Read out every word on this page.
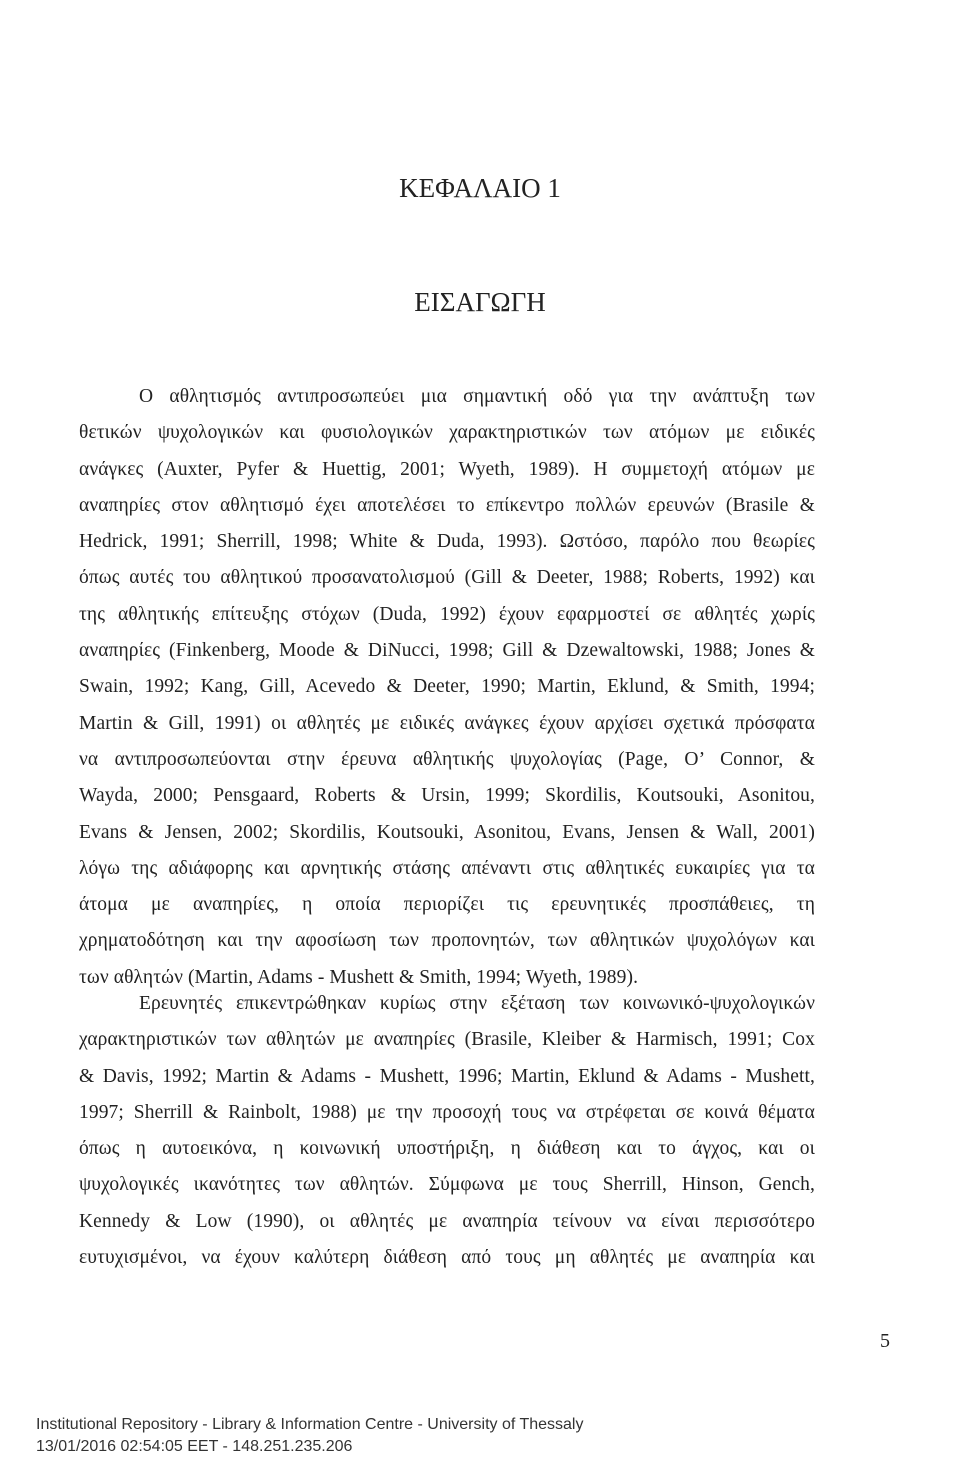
ΚΕΦΑΛΑΙΟ 1
ΕΙΣΑΓΩΓΗ
Ο αθλητισμός αντιπροσωπεύει μια σημαντική οδό για την ανάπτυξη των
θετικών ψυχολογικών και φυσιολογικών χαρακτηριστικών των ατόμων με ειδικές
ανάγκες (Auxter, Pyfer & Huettig, 2001; Wyeth, 1989). Η συμμετοχή ατόμων με
αναπηρίες στον αθλητισμό έχει αποτελέσει το επίκεντρο πολλών ερευνών (Brasile &
Hedrick, 1991; Sherrill, 1998; White & Duda, 1993). Ωστόσο, παρόλο που θεωρίες
όπως αυτές του αθλητικού προσανατολισμού (Gill & Deeter, 1988; Roberts, 1992) και
της αθλητικής επίτευξης στόχων (Duda, 1992) έχουν εφαρμοστεί σε αθλητές χωρίς
αναπηρίες (Finkenberg, Moode & DiNucci, 1998; Gill & Dzewaltowski, 1988; Jones &
Swain, 1992; Kang, Gill, Acevedo & Deeter, 1990; Martin, Eklund, & Smith, 1994;
Martin & Gill, 1991) οι αθλητές με ειδικές ανάγκες έχουν αρχίσει σχετικά πρόσφατα
να αντιπροσωπεύονται στην έρευνα αθλητικής ψυχολογίας (Page, O’ Connor, &
Wayda, 2000; Pensgaard, Roberts & Ursin, 1999; Skordilis, Koutsouki, Asonitou,
Evans & Jensen, 2002; Skordilis, Koutsouki, Asonitou, Evans, Jensen & Wall, 2001)
λόγω της αδιάφορης και αρνητικής στάσης απέναντι στις αθλητικές ευκαιρίες για τα
άτομα με αναπηρίες, η οποία περιορίζει τις ερευνητικές προσπάθειες, τη
χρηματοδότηση και την αφοσίωση των προπονητών, των αθλητικών ψυχολόγων και
των αθλητών (Martin, Adams - Mushett & Smith, 1994; Wyeth, 1989).
Ερευνητές επικεντρώθηκαν κυρίως στην εξέταση των κοινωνικό-ψυχολογικών
χαρακτηριστικών των αθλητών με αναπηρίες (Brasile, Kleiber & Harmisch, 1991; Cox
& Davis, 1992; Martin & Adams - Mushett, 1996; Martin, Eklund & Adams - Mushett,
1997; Sherrill & Rainbolt, 1988) με την προσοχή τους να στρέφεται σε κοινά θέματα
όπως η αυτοεικόνα, η κοινωνική υποστήριξη, η διάθεση και το άγχος, και οι
ψυχολογικές ικανότητες των αθλητών. Σύμφωνα με τους Sherrill, Hinson, Gench,
Kennedy & Low (1990), οι αθλητές με αναπηρία τείνουν να είναι περισσότερο
ευτυχισμένοι, να έχουν καλύτερη διάθεση από τους μη αθλητές με αναπηρία και
5
Institutional Repository - Library & Information Centre - University of Thessaly
13/01/2016 02:54:05 EET - 148.251.235.206
